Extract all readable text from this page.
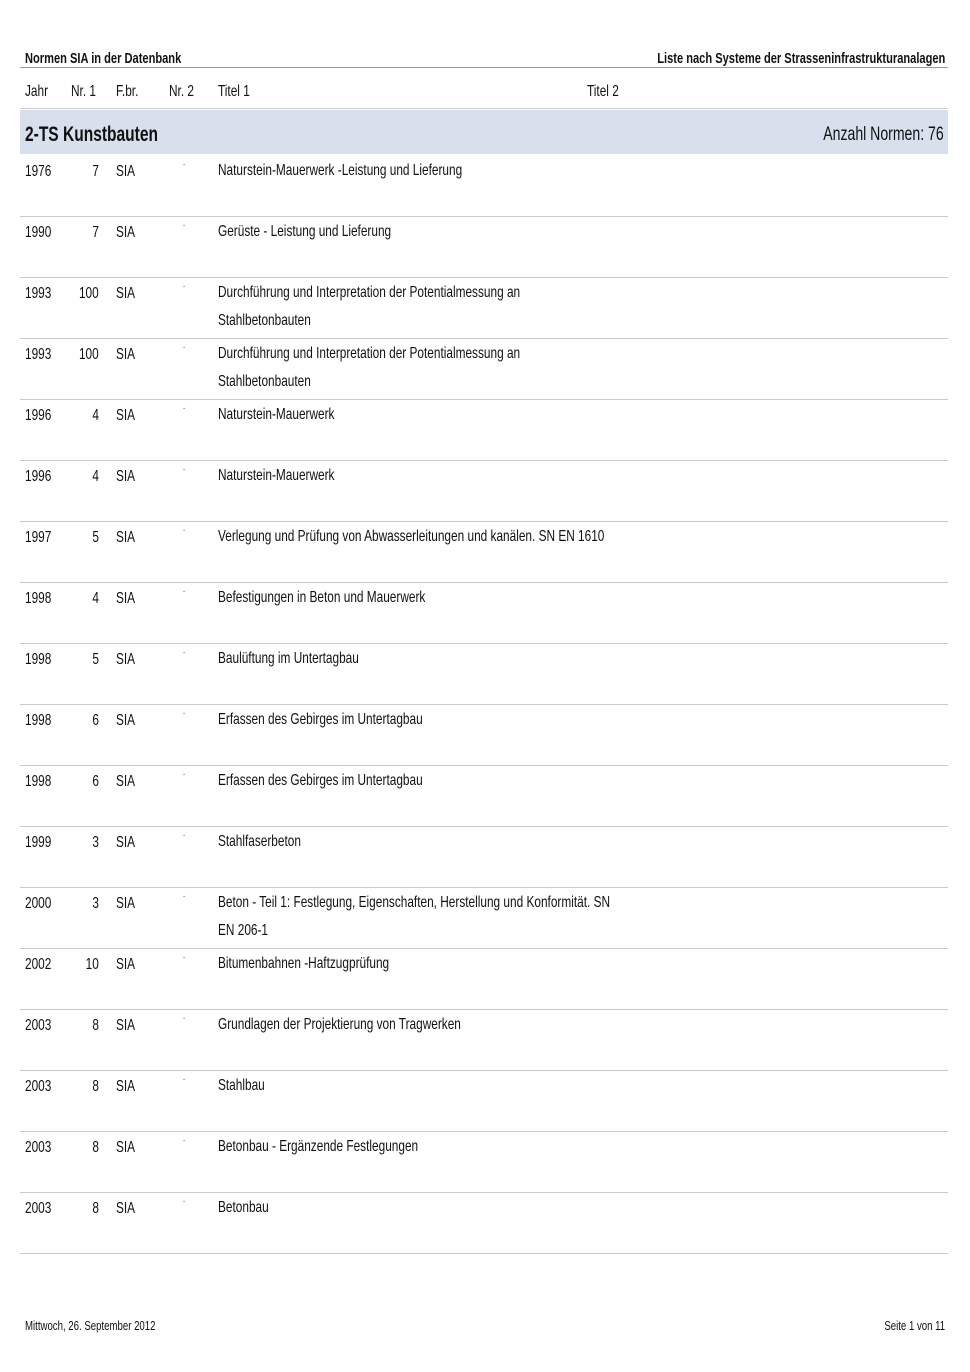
Normen SIA in der Datenbank	Liste nach Systeme der Strasseninfrastrukturanalagen
Jahr	Nr. 1	F.br.	Nr. 2	Titel 1	Titel 2
2-TS Kunstbauten	Anzahl Normen: 76
1976	7 SIA	- Naturstein-Mauerwerk -Leistung und Lieferung
1990	7 SIA	- Gerüste - Leistung und Lieferung
1993	100 SIA	- Durchführung und Interpretation der Potentialmessung an
Stahlbetonbauten
1993	100 SIA	- Durchführung und Interpretation der Potentialmessung an
Stahlbetonbauten
1996	4 SIA	- Naturstein-Mauerwerk
1996	4 SIA	- Naturstein-Mauerwerk
1997	5 SIA	- Verlegung und Prüfung von Abwasserleitungen und kanälen. SN EN 1610
1998	4 SIA	- Befestigungen in Beton und Mauerwerk
1998	5 SIA	- Baulüftung im Untertagbau
1998	6 SIA	- Erfassen des Gebirges im Untertagbau
1998	6 SIA	- Erfassen des Gebirges im Untertagbau
1999	3 SIA	- Stahlfaserbeton
2000	3 SIA	- Beton - Teil 1: Festlegung, Eigenschaften, Herstellung und Konformität. SN
EN 206-1
2002	10 SIA	- Bitumenbahnen -Haftzugprüfung
2003	8 SIA	- Grundlagen der Projektierung von Tragwerken
2003	8 SIA	- Stahlbau
2003	8 SIA	- Betonbau - Ergänzende Festlegungen
2003	8 SIA	- Betonbau
Mittwoch, 26. September 2012	Seite 1 von 11
